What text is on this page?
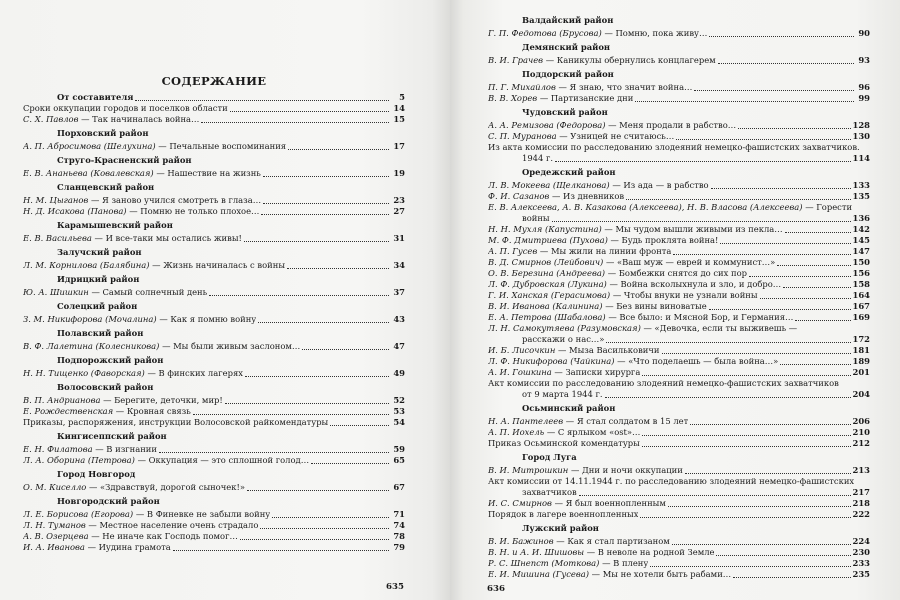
СОДЕРЖАНИЕ
От составителя	5
Сроки оккупации городов и поселков области	14
С. Х. Павлов — Так начиналась война…	15
Порховский район
А. П. Абросимова (Шелухина) — Печальные воспоминания	17
Струго-Красненский район
Е. В. Ананьева (Ковалевская) — Нашествие на жизнь	19
Сланцевский район
Н. М. Цыганов — Я заново учился смотреть в глаза…	23
Н. Д. Исакова (Панова) — Помню не только плохое…	27
Карамышевский район
Е. В. Васильева — И все-таки мы остались живы!	31
Залучский район
Л. М. Корнилова (Балябина) — Жизнь начиналась с войны	34
Идрицкий район
Ю. А. Шишкин — Самый солнечный день	37
Солецкий район
З. М. Никифорова (Мочалина) — Как я помню войну	43
Полавский район
В. Ф. Лалетина (Колесникова) — Мы были живым заслоном…	47
Подпорожский район
Н. Н. Тищенко (Фаворская) — В финских лагерях	49
Волосовский район
В. П. Андрианова — Берегите, деточки, мир!	52
Е. Рождественская — Кровная связь	53
Приказы, распоряжения, инструкции Волосовской райкомендатуры	54
Кингисеппский район
Е. Н. Филатова — В изгнании	59
Л. А. Оборина (Петрова) — Оккупация — это сплошной голод…	65
Город Новгород
О. М. Киселло — «Здравствуй, дорогой сыночек!»	67
Новгородский район
Л. Е. Борисова (Егорова) — В Финевке не забыли войну	71
Л. Н. Туманов — Местное население очень страдало	74
А. В. Озерцева — Не иначе как Господь помог…	78
И. А. Иванова — Иудина грамота	79
635
Валдайский район
Г. П. Федотова (Брусова) — Помню, пока живу…	90
Демянский район
В. И. Грачев — Каникулы обернулись концлагерем	93
Поддорский район
П. Г. Михайлов — Я знаю, что значит война…	96
В. В. Хорев — Партизанские дни	99
Чудовский район
А. А. Ремизова (Федорова) — Меня продали в рабство…	128
С. П. Муранова — Узницей не считаюсь…	130
Из акта комиссии по расследованию злодеяний немецко-фашистских захватчиков.
1944 г.	114
Оредежский район
Л. В. Мокеева (Щелканова) — Из ада — в рабство	133
Ф. И. Сазанов — Из дневников	135
Е. В. Алексеева, А. В. Казакова (Алексеева), Н. В. Власова (Алексеева) — Горести
войны	136
Н. Н. Мухля (Капустина) — Мы чудом вышли живыми из пекла…	142
М. Ф. Дмитриева (Пухова) — Будь проклята война!	145
А. П. Гусев — Мы жили на линии фронта	147
В. Д. Смирнов (Лейбович) — «Ваш муж — еврей и коммунист…»	150
О. В. Березина (Андреева) — Бомбежки снятся до сих пор	156
Л. Ф. Дубровская (Лукина) — Война всколыхнула и зло, и добро…	158
Г. И. Ханская (Герасимова) — Чтобы внуки не узнали войны	164
В. И. Иванова (Калинина) — Без вины виноватые	167
Е. А. Петрова (Шабалова) — Все было: и Мясной Бор, и Германия…	169
Л. Н. Самокутяева (Разумовская) — «Девочка, если ты выживешь —
расскажи о нас…»	172
И. Б. Лисочкин — Мыза Васильковичи	181
Л. Ф. Никифорова (Чайкина) — «Что поделаешь — была война…»	189
А. И. Гошкина — Записки хирурга	201
Акт комиссии по расследованию злодеяний немецко-фашистских захватчиков
от 9 марта 1944 г.	204
Осьминский район
Н. А. Пантелеев — Я стал солдатом в 15 лет	206
А. П. Иохель — С ярлыком «ost»…	210
Приказ Осьминской комендатуры	212
Город Луга
В. И. Митрошкин — Дни и ночи оккупации	213
Акт комиссии от 14.11.1944 г. по расследованию злодеяний немецко-фашистских
захватчиков	217
И. С. Смирнов — Я был военнопленным	218
Порядок в лагере военнопленных	222
Лужский район
В. И. Бажинов — Как я стал партизаном	224
В. Н. и А. И. Шишовы — В неволе на родной Земле	230
Р. С. Шнепст (Моткова) — В плену	233
Е. И. Мишина (Гусева) — Мы не хотели быть рабами…	235
636
